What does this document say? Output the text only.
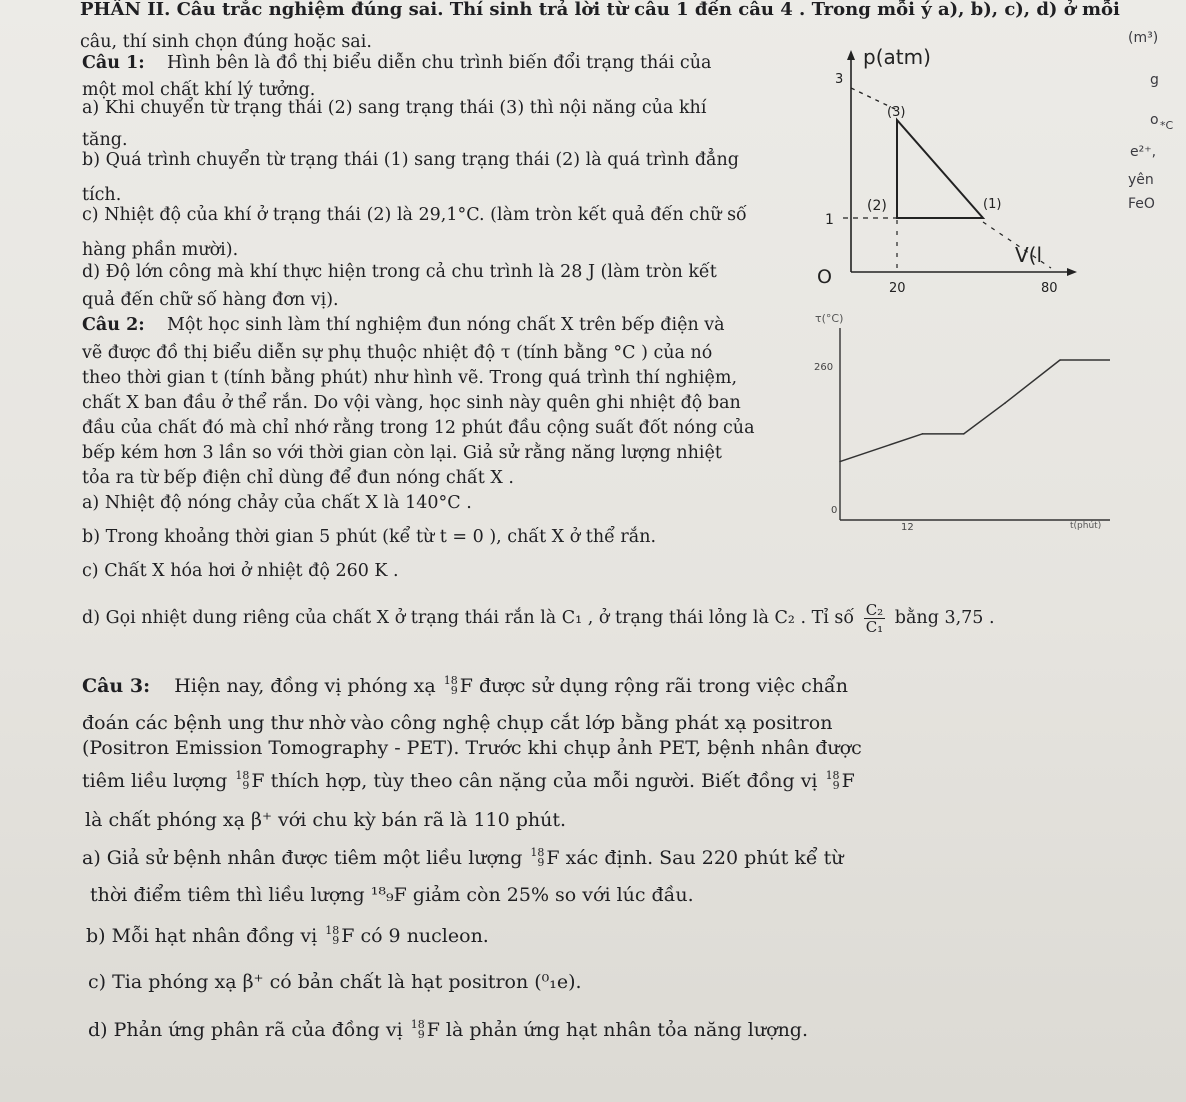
PHẦN II. Câu trắc nghiệm đúng sai. Thí sinh trả lời từ câu 1 đến câu 4 . Trong mỗi ý a), b), c), d) ở mỗi
câu, thí sinh chọn đúng hoặc sai.
Câu 1: Hình bên là đồ thị biểu diễn chu trình biến đổi trạng thái của
một mol chất khí lý tưởng.
a) Khi chuyển từ trạng thái (2) sang trạng thái (3) thì nội năng của khí
tăng.
b) Quá trình chuyển từ trạng thái (1) sang trạng thái (2) là quá trình đẳng
tích.
c) Nhiệt độ của khí ở trạng thái (2) là 29,1°C. (làm tròn kết quả đến chữ số
hàng phần mười).
d) Độ lớn công mà khí thực hiện trong cả chu trình là 28 J (làm tròn kết
quả đến chữ số hàng đơn vị).
p(atm)
V(l
O
3
1
20	80
(3)
(2)	(1)
Câu 2: Một học sinh làm thí nghiệm đun nóng chất X trên bếp điện và
vẽ được đồ thị biểu diễn sự phụ thuộc nhiệt độ τ (tính bằng °C ) của nó
theo thời gian t (tính bằng phút) như hình vẽ. Trong quá trình thí nghiệm,
chất X ban đầu ở thể rắn. Do vội vàng, học sinh này quên ghi nhiệt độ ban
đầu của chất đó mà chỉ nhớ rằng trong 12 phút đầu cộng suất đốt nóng của
bếp kém hơn 3 lần so với thời gian còn lại. Giả sử rằng năng lượng nhiệt
tỏa ra từ bếp điện chỉ dùng để đun nóng chất X .
a) Nhiệt độ nóng chảy của chất X là 140°C .
b) Trong khoảng thời gian 5 phút (kể từ t = 0 ), chất X ở thể rắn.
c) Chất X hóa hơi ở nhiệt độ 260 K .
d) Gọi nhiệt dung riêng của chất X ở trạng thái rắn là C₁ , ở trạng thái lỏng là C₂ . Tỉ số $\frac{\text{C₂}}{\text{C₁}}$ bằng 3,75 .
τ(°C)
260
0
12	t(phút)
Câu 3: Hiện nay, đồng vị phóng xạ 18
9 F được sử dụng rộng rãi trong việc chẩn
đoán các bệnh ung thư nhờ vào công nghệ chụp cắt lớp bằng phát xạ positron
(Positron Emission Tomography - PET). Trước khi chụp ảnh PET, bệnh nhân được
tiêm liều lượng 18
9 F thích hợp, tùy theo cân nặng của mỗi người. Biết đồng vị 18
9 F
là chất phóng xạ β⁺ với chu kỳ bán rã là 110 phút.
a) Giả sử bệnh nhân được tiêm một liều lượng 18
9 F xác định. Sau 220 phút kể từ
thời điểm tiêm thì liều lượng ¹⁸₉F giảm còn 25% so với lúc đầu.
b) Mỗi hạt nhân đồng vị 18
9 F có 9 nucleon.
c) Tia phóng xạ β⁺ có bản chất là hạt positron (⁰₁e).
d) Phản ứng phân rã của đồng vị 18
9 F là phản ứng hạt nhân tỏa năng lượng.
(m³)
g
o
e²⁺,
yên
FeO
*C
